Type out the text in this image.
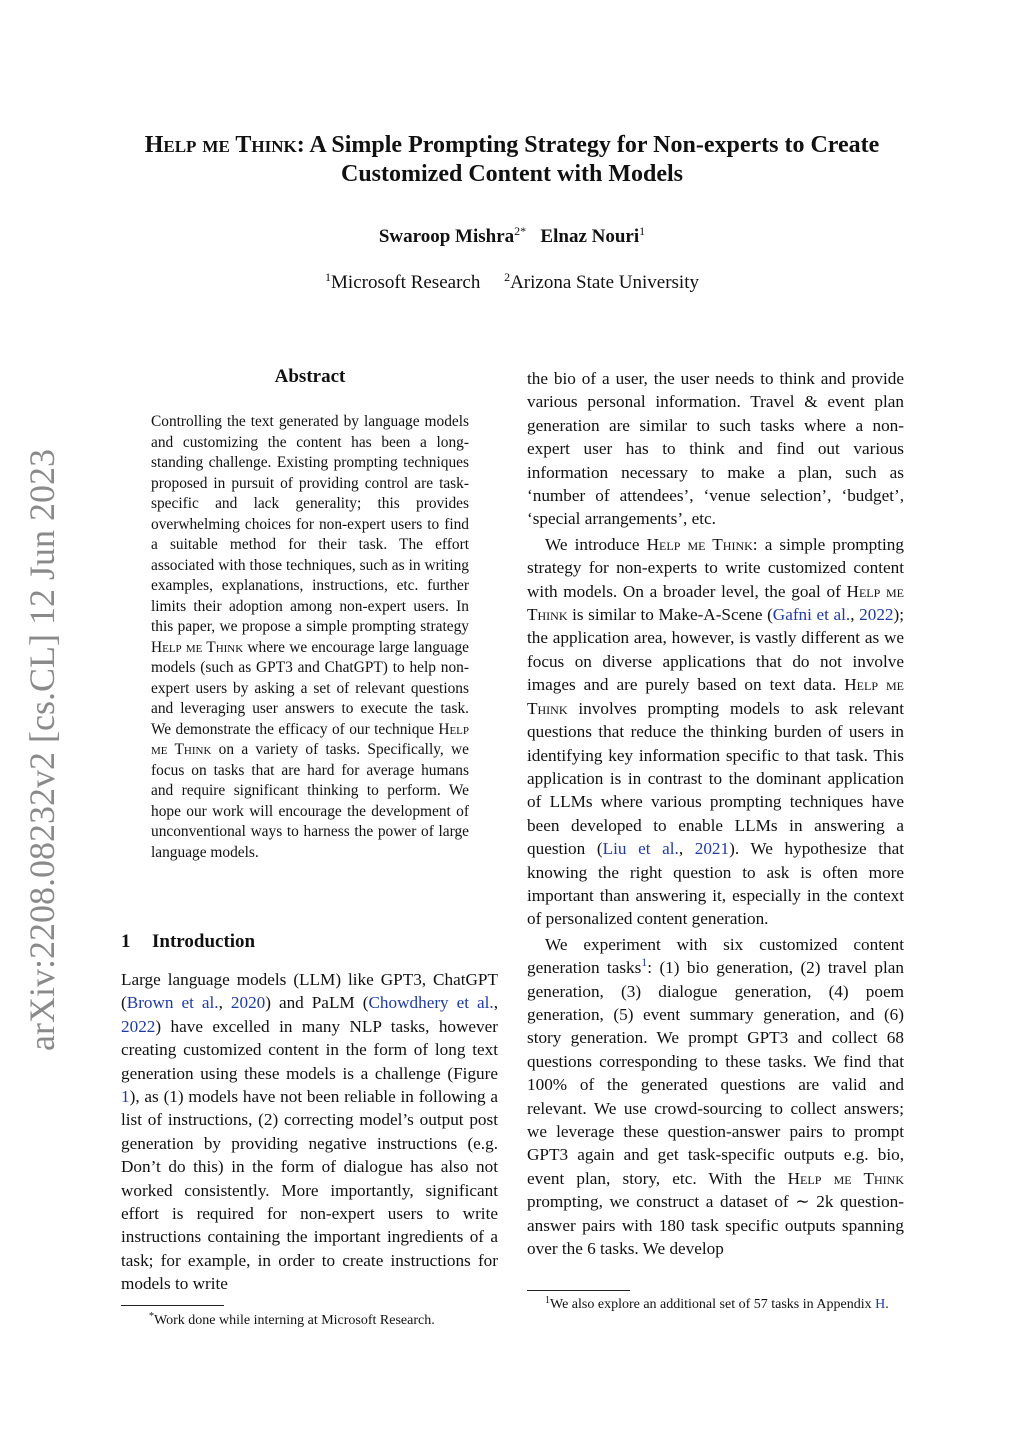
arXiv:2208.08232v2 [cs.CL] 12 Jun 2023
Help me Think: A Simple Prompting Strategy for Non-experts to Create
Customized Content with Models
Swaroop Mishra$^{2*}$ Elnaz Nouri$^1$
$^1$Microsoft Research $^2$Arizona State University
Abstract

Controlling the text generated by language models and customizing the content has been a long-standing challenge. Existing prompting techniques proposed in pursuit of providing control are task-specific and lack generality; this provides overwhelming choices for non-expert users to find a suitable method for their task. The effort associated with those techniques, such as in writing examples, explanations, instructions, etc. further limits their adoption among non-expert users. In this paper, we propose a simple prompting strategy Help me Think where we encourage large language models (such as GPT3 and ChatGPT) to help non-expert users by asking a set of relevant questions and leveraging user answers to execute the task. We demonstrate the efficacy of our technique Help me Think on a variety of tasks. Specifically, we focus on tasks that are hard for average humans and require significant thinking to perform. We hope our work will encourage the development of unconventional ways to harness the power of large language models.

1 Introduction

Large language models (LLM) like GPT3, ChatGPT (Brown et al., 2020) and PaLM (Chowdhery et al., 2022) have excelled in many NLP tasks, however creating customized content in the form of long text generation using these models is a challenge (Figure 1), as (1) models have not been reliable in following a list of instructions, (2) correcting model’s output post generation by providing negative instructions (e.g. Don’t do this) in the form of dialogue has also not worked consistently. More importantly, significant effort is required for non-expert users to write instructions containing the important ingredients of a task; for example, in order to create instructions for models to write

the bio of a user, the user needs to think and provide various personal information. Travel & event plan generation are similar to such tasks where a non-expert user has to think and find out various information necessary to make a plan, such as ‘number of attendees’, ‘venue selection’, ‘budget’, ‘special arrangements’, etc.

We introduce Help me Think: a simple prompting strategy for non-experts to write customized content with models. On a broader level, the goal of Help me Think is similar to Make-A-Scene (Gafni et al., 2022); the application area, however, is vastly different as we focus on diverse applications that do not involve images and are purely based on text data. Help me Think involves prompting models to ask relevant questions that reduce the thinking burden of users in identifying key information specific to that task. This application is in contrast to the dominant application of LLMs where various prompting techniques have been developed to enable LLMs in answering a question (Liu et al., 2021). We hypothesize that knowing the right question to ask is often more important than answering it, especially in the context of personalized content generation.

We experiment with six customized content generation tasks$^1$: (1) bio generation, (2) travel plan generation, (3) dialogue generation, (4) poem generation, (5) event summary generation, and (6) story generation. We prompt GPT3 and collect 68 questions corresponding to these tasks. We find that 100% of the generated questions are valid and relevant. We use crowd-sourcing to collect answers; we leverage these question-answer pairs to prompt GPT3 again and get task-specific outputs e.g. bio, event plan, story, etc. With the Help me Think prompting, we construct a dataset of ∼ 2k question-answer pairs with 180 task specific outputs spanning over the 6 tasks. We develop

*Work done while interning at Microsoft Research.
$^1$We also explore an additional set of 57 tasks in Appendix H.
